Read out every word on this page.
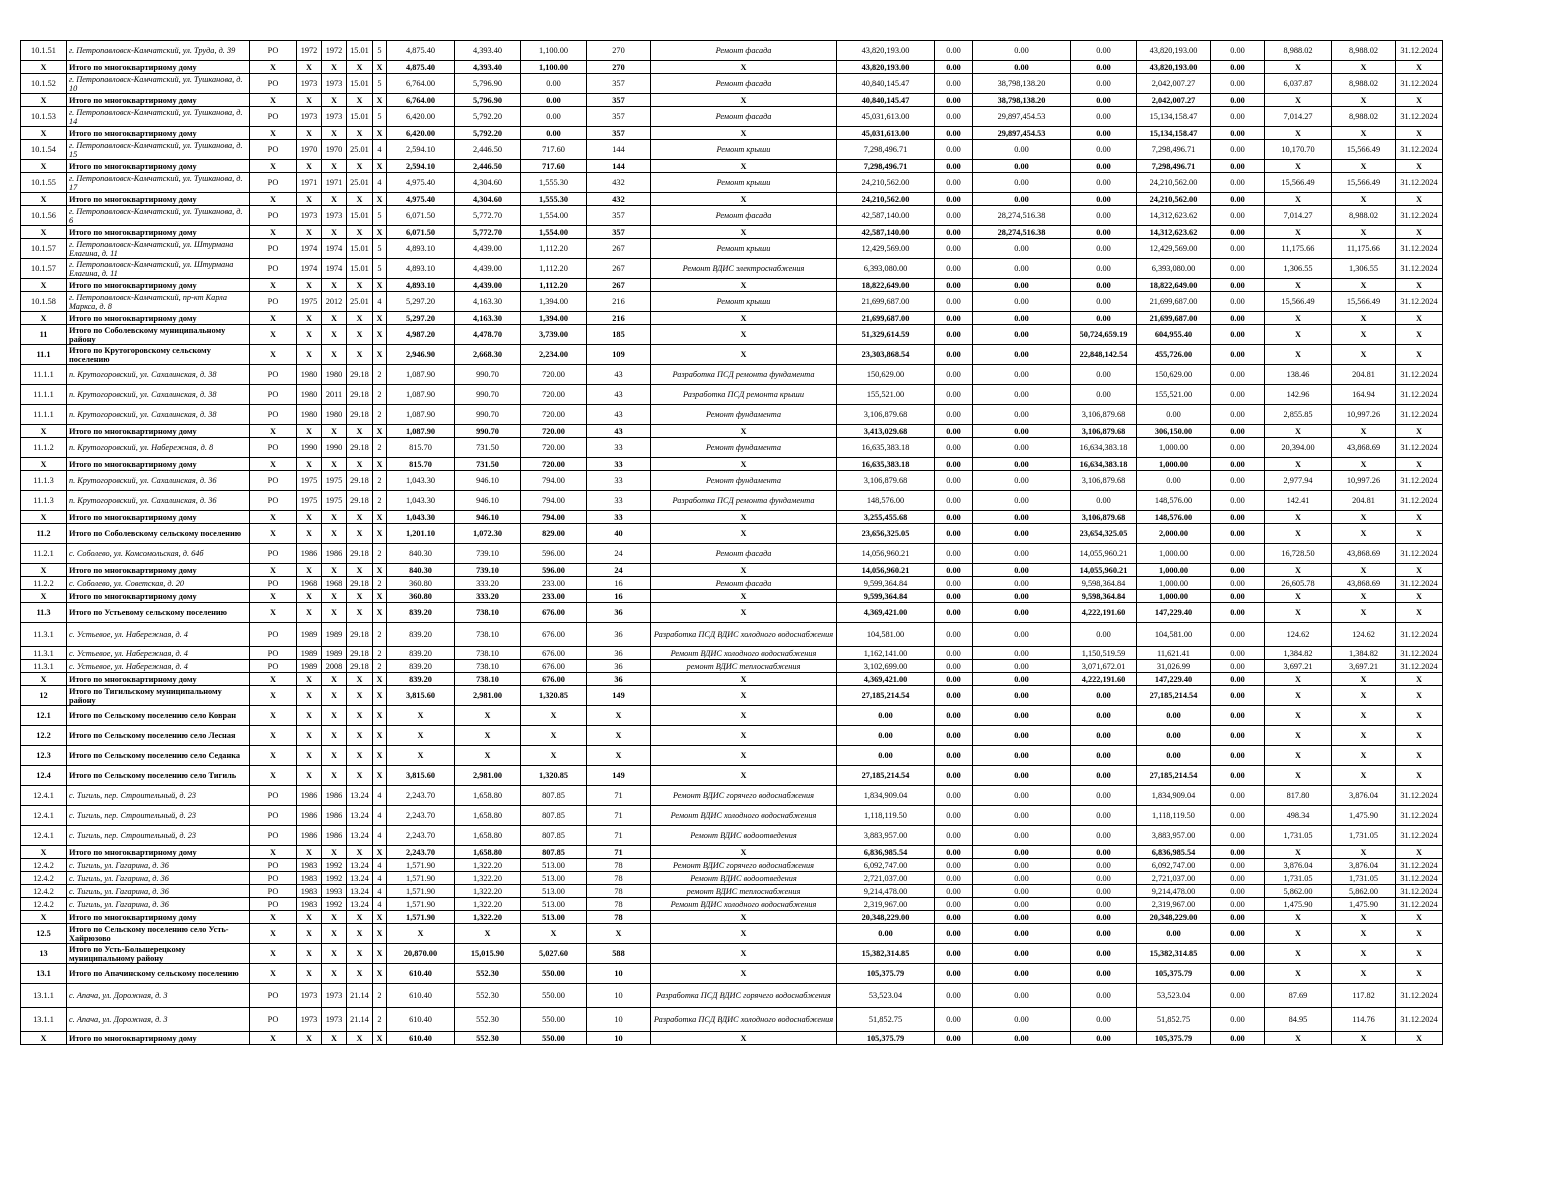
10.1.51	г. Петропавловск-Камчатский, ул. Труда, д. 39	РО	1972	1972	15.01	5	4,875.40	4,393.40	1,100.00	270	Ремонт фасада	43,820,193.00	0.00	0.00	0.00	43,820,193.00	0.00	8,988.02	8,988.02	31.12.2024
X	Итого по многоквартирному дому	X	X	X	X	X	4,875.40	4,393.40	1,100.00	270	X	43,820,193.00	0.00	0.00	0.00	43,820,193.00	0.00	X	X	X
10.1.52	г. Петропавловск-Камчатский, ул. Тушканова, д. 10	РО	1973	1973	15.01	5	6,764.00	5,796.90	0.00	357	Ремонт фасада	40,840,145.47	0.00	38,798,138.20	0.00	2,042,007.27	0.00	6,037.87	8,988.02	31.12.2024
X	Итого по многоквартирному дому	X	X	X	X	X	6,764.00	5,796.90	0.00	357	X	40,840,145.47	0.00	38,798,138.20	0.00	2,042,007.27	0.00	X	X	X
10.1.53	г. Петропавловск-Камчатский, ул. Тушканова, д. 14	РО	1973	1973	15.01	5	6,420.00	5,792.20	0.00	357	Ремонт фасада	45,031,613.00	0.00	29,897,454.53	0.00	15,134,158.47	0.00	7,014.27	8,988.02	31.12.2024
X	Итого по многоквартирному дому	X	X	X	X	X	6,420.00	5,792.20	0.00	357	X	45,031,613.00	0.00	29,897,454.53	0.00	15,134,158.47	0.00	X	X	X
10.1.54	г. Петропавловск-Камчатский, ул. Тушканова, д. 15	РО	1970	1970	25.01	4	2,594.10	2,446.50	717.60	144	Ремонт крыши	7,298,496.71	0.00	0.00	0.00	7,298,496.71	0.00	10,170.70	15,566.49	31.12.2024
X	Итого по многоквартирному дому	X	X	X	X	X	2,594.10	2,446.50	717.60	144	X	7,298,496.71	0.00	0.00	0.00	7,298,496.71	0.00	X	X	X
10.1.55	г. Петропавловск-Камчатский, ул. Тушканова, д. 17	РО	1971	1971	25.01	4	4,975.40	4,304.60	1,555.30	432	Ремонт крыши	24,210,562.00	0.00	0.00	0.00	24,210,562.00	0.00	15,566.49	15,566.49	31.12.2024
X	Итого по многоквартирному дому	X	X	X	X	X	4,975.40	4,304.60	1,555.30	432	X	24,210,562.00	0.00	0.00	0.00	24,210,562.00	0.00	X	X	X
10.1.56	г. Петропавловск-Камчатский, ул. Тушканова, д. 6	РО	1973	1973	15.01	5	6,071.50	5,772.70	1,554.00	357	Ремонт фасада	42,587,140.00	0.00	28,274,516.38	0.00	14,312,623.62	0.00	7,014.27	8,988.02	31.12.2024
X	Итого по многоквартирному дому	X	X	X	X	X	6,071.50	5,772.70	1,554.00	357	X	42,587,140.00	0.00	28,274,516.38	0.00	14,312,623.62	0.00	X	X	X
10.1.57	г. Петропавловск-Камчатский, ул. Штурмана Елагина, д. 11	РО	1974	1974	15.01	5	4,893.10	4,439.00	1,112.20	267	Ремонт крыши	12,429,569.00	0.00	0.00	0.00	12,429,569.00	0.00	11,175.66	11,175.66	31.12.2024
10.1.57	г. Петропавловск-Камчатский, ул. Штурмана Елагина, д. 11	РО	1974	1974	15.01	5	4,893.10	4,439.00	1,112.20	267	Ремонт ВДИС электроснабжения	6,393,080.00	0.00	0.00	0.00	6,393,080.00	0.00	1,306.55	1,306.55	31.12.2024
X	Итого по многоквартирному дому	X	X	X	X	X	4,893.10	4,439.00	1,112.20	267	X	18,822,649.00	0.00	0.00	0.00	18,822,649.00	0.00	X	X	X
10.1.58	г. Петропавловск-Камчатский, пр-кт Карла Маркса, д. 8	РО	1975	2012	25.01	4	5,297.20	4,163.30	1,394.00	216	Ремонт крыши	21,699,687.00	0.00	0.00	0.00	21,699,687.00	0.00	15,566.49	15,566.49	31.12.2024
X	Итого по многоквартирному дому	X	X	X	X	X	5,297.20	4,163.30	1,394.00	216	X	21,699,687.00	0.00	0.00	0.00	21,699,687.00	0.00	X	X	X
11	Итого по Соболевскому муниципальному району	X	X	X	X	X	4,987.20	4,478.70	3,739.00	185	X	51,329,614.59	0.00	0.00	50,724,659.19	604,955.40	0.00	X	X	X
11.1	Итого по Крутогоровскому сельскому поселению	X	X	X	X	X	2,946.90	2,668.30	2,234.00	109	X	23,303,868.54	0.00	0.00	22,848,142.54	455,726.00	0.00	X	X	X
11.1.1	п. Крутогоровский, ул. Сахалинская, д. 38	РО	1980	1980	29.18	2	1,087.90	990.70	720.00	43	Разработка ПСД ремонта фундамента	150,629.00	0.00	0.00	0.00	150,629.00	0.00	138.46	204.81	31.12.2024
11.1.1	п. Крутогоровский, ул. Сахалинская, д. 38	РО	1980	2011	29.18	2	1,087.90	990.70	720.00	43	Разработка ПСД ремонта крыши	155,521.00	0.00	0.00	0.00	155,521.00	0.00	142.96	164.94	31.12.2024
11.1.1	п. Крутогоровский, ул. Сахалинская, д. 38	РО	1980	1980	29.18	2	1,087.90	990.70	720.00	43	Ремонт фундамента	3,106,879.68	0.00	0.00	3,106,879.68	0.00	0.00	2,855.85	10,997.26	31.12.2024
X	Итого по многоквартирному дому	X	X	X	X	X	1,087.90	990.70	720.00	43	X	3,413,029.68	0.00	0.00	3,106,879.68	306,150.00	0.00	X	X	X
11.1.2	п. Крутогоровский, ул. Набережная, д. 8	РО	1990	1990	29.18	2	815.70	731.50	720.00	33	Ремонт фундамента	16,635,383.18	0.00	0.00	16,634,383.18	1,000.00	0.00	20,394.00	43,868.69	31.12.2024
X	Итого по многоквартирному дому	X	X	X	X	X	815.70	731.50	720.00	33	X	16,635,383.18	0.00	0.00	16,634,383.18	1,000.00	0.00	X	X	X
11.1.3	п. Крутогоровский, ул. Сахалинская, д. 36	РО	1975	1975	29.18	2	1,043.30	946.10	794.00	33	Ремонт фундамента	3,106,879.68	0.00	0.00	3,106,879.68	0.00	0.00	2,977.94	10,997.26	31.12.2024
11.1.3	п. Крутогоровский, ул. Сахалинская, д. 36	РО	1975	1975	29.18	2	1,043.30	946.10	794.00	33	Разработка ПСД ремонта фундамента	148,576.00	0.00	0.00	0.00	148,576.00	0.00	142.41	204.81	31.12.2024
X	Итого по многоквартирному дому	X	X	X	X	X	1,043.30	946.10	794.00	33	X	3,255,455.68	0.00	0.00	3,106,879.68	148,576.00	0.00	X	X	X
11.2	Итого по Соболевскому сельскому поселению	X	X	X	X	X	1,201.10	1,072.30	829.00	40	X	23,656,325.05	0.00	0.00	23,654,325.05	2,000.00	0.00	X	X	X
11.2.1	с. Соболево, ул. Комсомольская, д. 64б	РО	1986	1986	29.18	2	840.30	739.10	596.00	24	Ремонт фасада	14,056,960.21	0.00	0.00	14,055,960.21	1,000.00	0.00	16,728.50	43,868.69	31.12.2024
X	Итого по многоквартирному дому	X	X	X	X	X	840.30	739.10	596.00	24	X	14,056,960.21	0.00	0.00	14,055,960.21	1,000.00	0.00	X	X	X
11.2.2	с. Соболево, ул. Советская, д. 20	РО	1968	1968	29.18	2	360.80	333.20	233.00	16	Ремонт фасада	9,599,364.84	0.00	0.00	9,598,364.84	1,000.00	0.00	26,605.78	43,868.69	31.12.2024
X	Итого по многоквартирному дому	X	X	X	X	X	360.80	333.20	233.00	16	X	9,599,364.84	0.00	0.00	9,598,364.84	1,000.00	0.00	X	X	X
11.3	Итого по Устьевому сельскому поселению	X	X	X	X	X	839.20	738.10	676.00	36	X	4,369,421.00	0.00	0.00	4,222,191.60	147,229.40	0.00	X	X	X
11.3.1	с. Устьевое, ул. Набережная, д. 4	РО	1989	1989	29.18	2	839.20	738.10	676.00	36	Разработка ПСД ВДИС холодного водоснабжения	104,581.00	0.00	0.00	0.00	104,581.00	0.00	124.62	124.62	31.12.2024
11.3.1	с. Устьевое, ул. Набережная, д. 4	РО	1989	1989	29.18	2	839.20	738.10	676.00	36	Ремонт ВДИС холодного водоснабжения	1,162,141.00	0.00	0.00	1,150,519.59	11,621.41	0.00	1,384.82	1,384.82	31.12.2024
11.3.1	с. Устьевое, ул. Набережная, д. 4	РО	1989	2008	29.18	2	839.20	738.10	676.00	36	ремонт ВДИС теплоснабжения	3,102,699.00	0.00	0.00	3,071,672.01	31,026.99	0.00	3,697.21	3,697.21	31.12.2024
X	Итого по многоквартирному дому	X	X	X	X	X	839.20	738.10	676.00	36	X	4,369,421.00	0.00	0.00	4,222,191.60	147,229.40	0.00	X	X	X
12	Итого по Тигильскому муниципальному району	X	X	X	X	X	3,815.60	2,981.00	1,320.85	149	X	27,185,214.54	0.00	0.00	0.00	27,185,214.54	0.00	X	X	X
12.1	Итого по Сельскому поселению село Ковран	X	X	X	X	X	X	X	X	X	X	0.00	0.00	0.00	0.00	0.00	0.00	X	X	X
12.2	Итого по Сельскому поселению село Лесная	X	X	X	X	X	X	X	X	X	X	0.00	0.00	0.00	0.00	0.00	0.00	X	X	X
12.3	Итого по Сельскому поселению село Седанка	X	X	X	X	X	X	X	X	X	X	0.00	0.00	0.00	0.00	0.00	0.00	X	X	X
12.4	Итого по Сельскому поселению село Тигиль	X	X	X	X	X	3,815.60	2,981.00	1,320.85	149	X	27,185,214.54	0.00	0.00	0.00	27,185,214.54	0.00	X	X	X
12.4.1	с. Тигиль, пер. Строительный, д. 23	РО	1986	1986	13.24	4	2,243.70	1,658.80	807.85	71	Ремонт ВДИС горячего водоснабжения	1,834,909.04	0.00	0.00	0.00	1,834,909.04	0.00	817.80	3,876.04	31.12.2024
12.4.1	с. Тигиль, пер. Строительный, д. 23	РО	1986	1986	13.24	4	2,243.70	1,658.80	807.85	71	Ремонт ВДИС холодного водоснабжения	1,118,119.50	0.00	0.00	0.00	1,118,119.50	0.00	498.34	1,475.90	31.12.2024
12.4.1	с. Тигиль, пер. Строительный, д. 23	РО	1986	1986	13.24	4	2,243.70	1,658.80	807.85	71	Ремонт ВДИС водоотведения	3,883,957.00	0.00	0.00	0.00	3,883,957.00	0.00	1,731.05	1,731.05	31.12.2024
X	Итого по многоквартирному дому	X	X	X	X	X	2,243.70	1,658.80	807.85	71	X	6,836,985.54	0.00	0.00	0.00	6,836,985.54	0.00	X	X	X
12.4.2	с. Тигиль, ул. Гагарина, д. 36	РО	1983	1992	13.24	4	1,571.90	1,322.20	513.00	78	Ремонт ВДИС горячего водоснабжения	6,092,747.00	0.00	0.00	0.00	6,092,747.00	0.00	3,876.04	3,876.04	31.12.2024
12.4.2	с. Тигиль, ул. Гагарина, д. 36	РО	1983	1992	13.24	4	1,571.90	1,322.20	513.00	78	Ремонт ВДИС водоотведения	2,721,037.00	0.00	0.00	0.00	2,721,037.00	0.00	1,731.05	1,731.05	31.12.2024
12.4.2	с. Тигиль, ул. Гагарина, д. 36	РО	1983	1993	13.24	4	1,571.90	1,322.20	513.00	78	ремонт ВДИС теплоснабжения	9,214,478.00	0.00	0.00	0.00	9,214,478.00	0.00	5,862.00	5,862.00	31.12.2024
12.4.2	с. Тигиль, ул. Гагарина, д. 36	РО	1983	1992	13.24	4	1,571.90	1,322.20	513.00	78	Ремонт ВДИС холодного водоснабжения	2,319,967.00	0.00	0.00	0.00	2,319,967.00	0.00	1,475.90	1,475.90	31.12.2024
X	Итого по многоквартирному дому	X	X	X	X	X	1,571.90	1,322.20	513.00	78	X	20,348,229.00	0.00	0.00	0.00	20,348,229.00	0.00	X	X	X
12.5	Итого по Сельскому поселению село Усть-Хайрюзово	X	X	X	X	X	X	X	X	X	X	0.00	0.00	0.00	0.00	0.00	0.00	X	X	X
13	Итого по Усть-Большерецкому муниципальному району	X	X	X	X	X	20,870.00	15,015.90	5,027.60	588	X	15,382,314.85	0.00	0.00	0.00	15,382,314.85	0.00	X	X	X
13.1	Итого по Апачинскому сельскому поселению	X	X	X	X	X	610.40	552.30	550.00	10	X	105,375.79	0.00	0.00	0.00	105,375.79	0.00	X	X	X
13.1.1	с. Апача, ул. Дорожная, д. 3	РО	1973	1973	21.14	2	610.40	552.30	550.00	10	Разработка ПСД ВДИС горячего водоснабжения	53,523.04	0.00	0.00	0.00	53,523.04	0.00	87.69	117.82	31.12.2024
13.1.1	с. Апача, ул. Дорожная, д. 3	РО	1973	1973	21.14	2	610.40	552.30	550.00	10	Разработка ПСД ВДИС холодного водоснабжения	51,852.75	0.00	0.00	0.00	51,852.75	0.00	84.95	114.76	31.12.2024
X	Итого по многоквартирному дому	X	X	X	X	X	610.40	552.30	550.00	10	X	105,375.79	0.00	0.00	0.00	105,375.79	0.00	X	X	X
